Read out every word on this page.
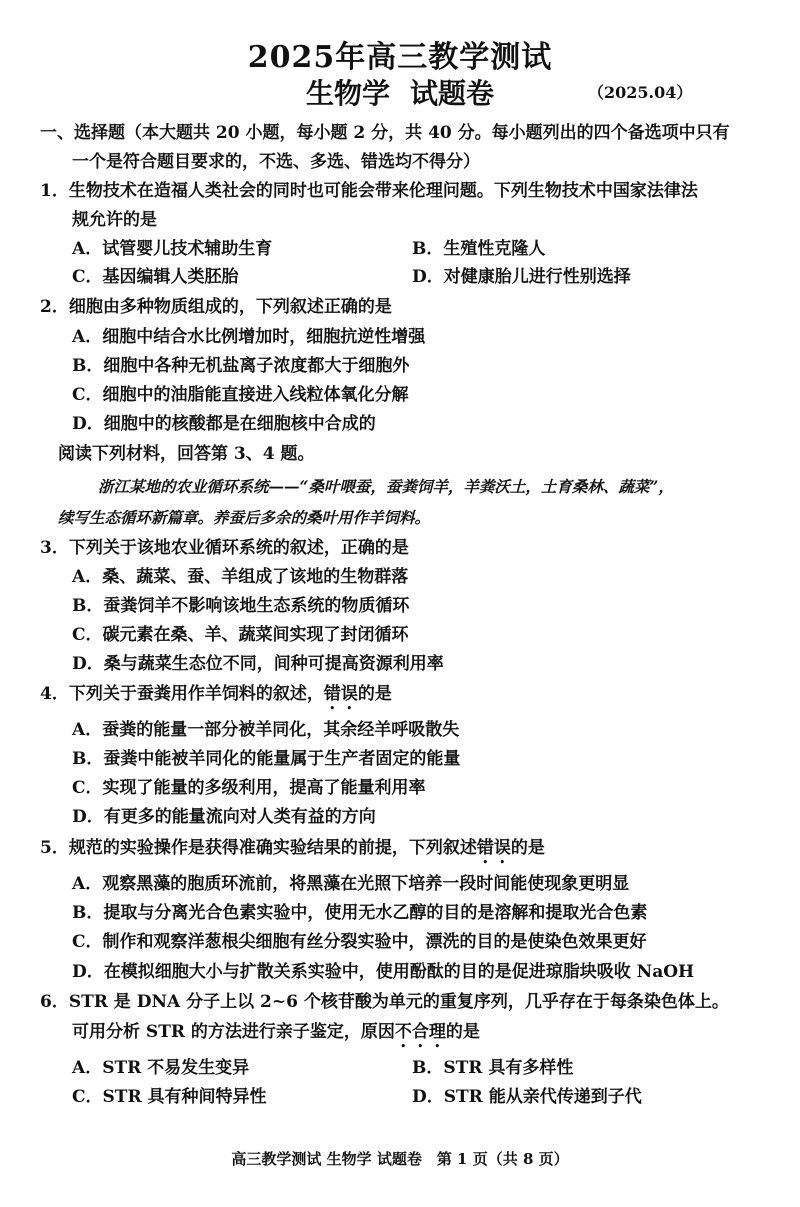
2025年高三教学测试
生物学 试题卷	（2025.04）
一、选择题（本大题共 20 小题，每小题 2 分，共 40 分。每小题列出的四个备选项中只有
一个是符合题目要求的，不选、多选、错选均不得分）
1．生物技术在造福人类社会的同时也可能会带来伦理问题。下列生物技术中国家法律法
规允许的是
A．试管婴儿技术辅助生育	B．生殖性克隆人
C．基因编辑人类胚胎	D．对健康胎儿进行性别选择
2．细胞由多种物质组成的，下列叙述正确的是
A．细胞中结合水比例增加时，细胞抗逆性增强
B．细胞中各种无机盐离子浓度都大于细胞外
C．细胞中的油脂能直接进入线粒体氧化分解
D．细胞中的核酸都是在细胞核中合成的
阅读下列材料，回答第 3、4 题。
浙江某地的农业循环系统——“桑叶喂蚕，蚕粪饲羊，羊粪沃土，土育桑林、蔬菜”，
续写生态循环新篇章。养蚕后多余的桑叶用作羊饲料。
3．下列关于该地农业循环系统的叙述，正确的是
A．桑、蔬菜、蚕、羊组成了该地的生物群落
B．蚕粪饲羊不影响该地生态系统的物质循环
C．碳元素在桑、羊、蔬菜间实现了封闭循环
D．桑与蔬菜生态位不同，间种可提高资源利用率
4．下列关于蚕粪用作羊饲料的叙述，错误的是
A．蚕粪的能量一部分被羊同化，其余经羊呼吸散失
B．蚕粪中能被羊同化的能量属于生产者固定的能量
C．实现了能量的多级利用，提高了能量利用率
D．有更多的能量流向对人类有益的方向
5．规范的实验操作是获得准确实验结果的前提，下列叙述错误的是
A．观察黑藻的胞质环流前，将黑藻在光照下培养一段时间能使现象更明显
B．提取与分离光合色素实验中，使用无水乙醇的目的是溶解和提取光合色素
C．制作和观察洋葱根尖细胞有丝分裂实验中，漂洗的目的是使染色效果更好
D．在模拟细胞大小与扩散关系实验中，使用酚酞的目的是促进琼脂块吸收 NaOH
6．STR 是 DNA 分子上以 2~6 个核苷酸为单元的重复序列，几乎存在于每条染色体上。
可用分析 STR 的方法进行亲子鉴定，原因不合理的是
A．STR 不易发生变异	B．STR 具有多样性
C．STR 具有种间特异性	D．STR 能从亲代传递到子代
高三教学测试 生物学 试题卷　第 1 页（共 8 页）
